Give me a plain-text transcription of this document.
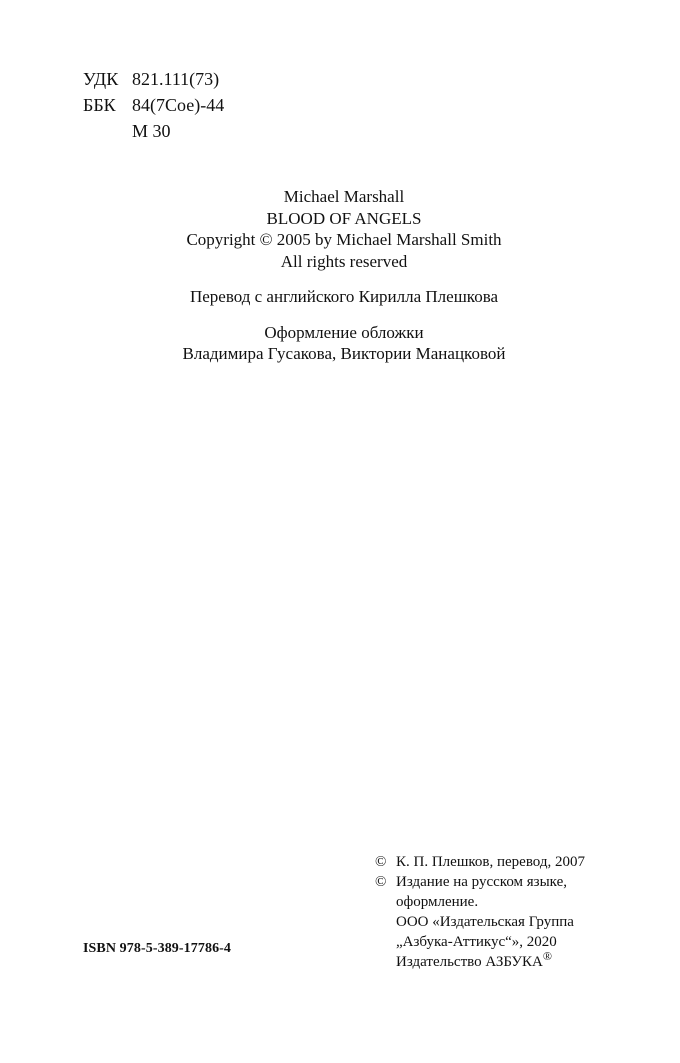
УДК 821.111(73)
ББК 84(7Сое)-44
М 30

Michael Marshall

BLOOD OF ANGELS

Copyright © 2005 by Michael Marshall Smith

All rights reserved

Перевод с английского Кирилла Плешкова

Оформление обложки

Владимира Гусакова, Виктории Манацковой

ISBN 978-5-389-17786-4
© К. П. Плешков, перевод, 2007
© Издание на русском языке,
оформление.
ООО «Издательская Группа
„Азбука-Аттикус“», 2020
Издательство АЗБУКА®
